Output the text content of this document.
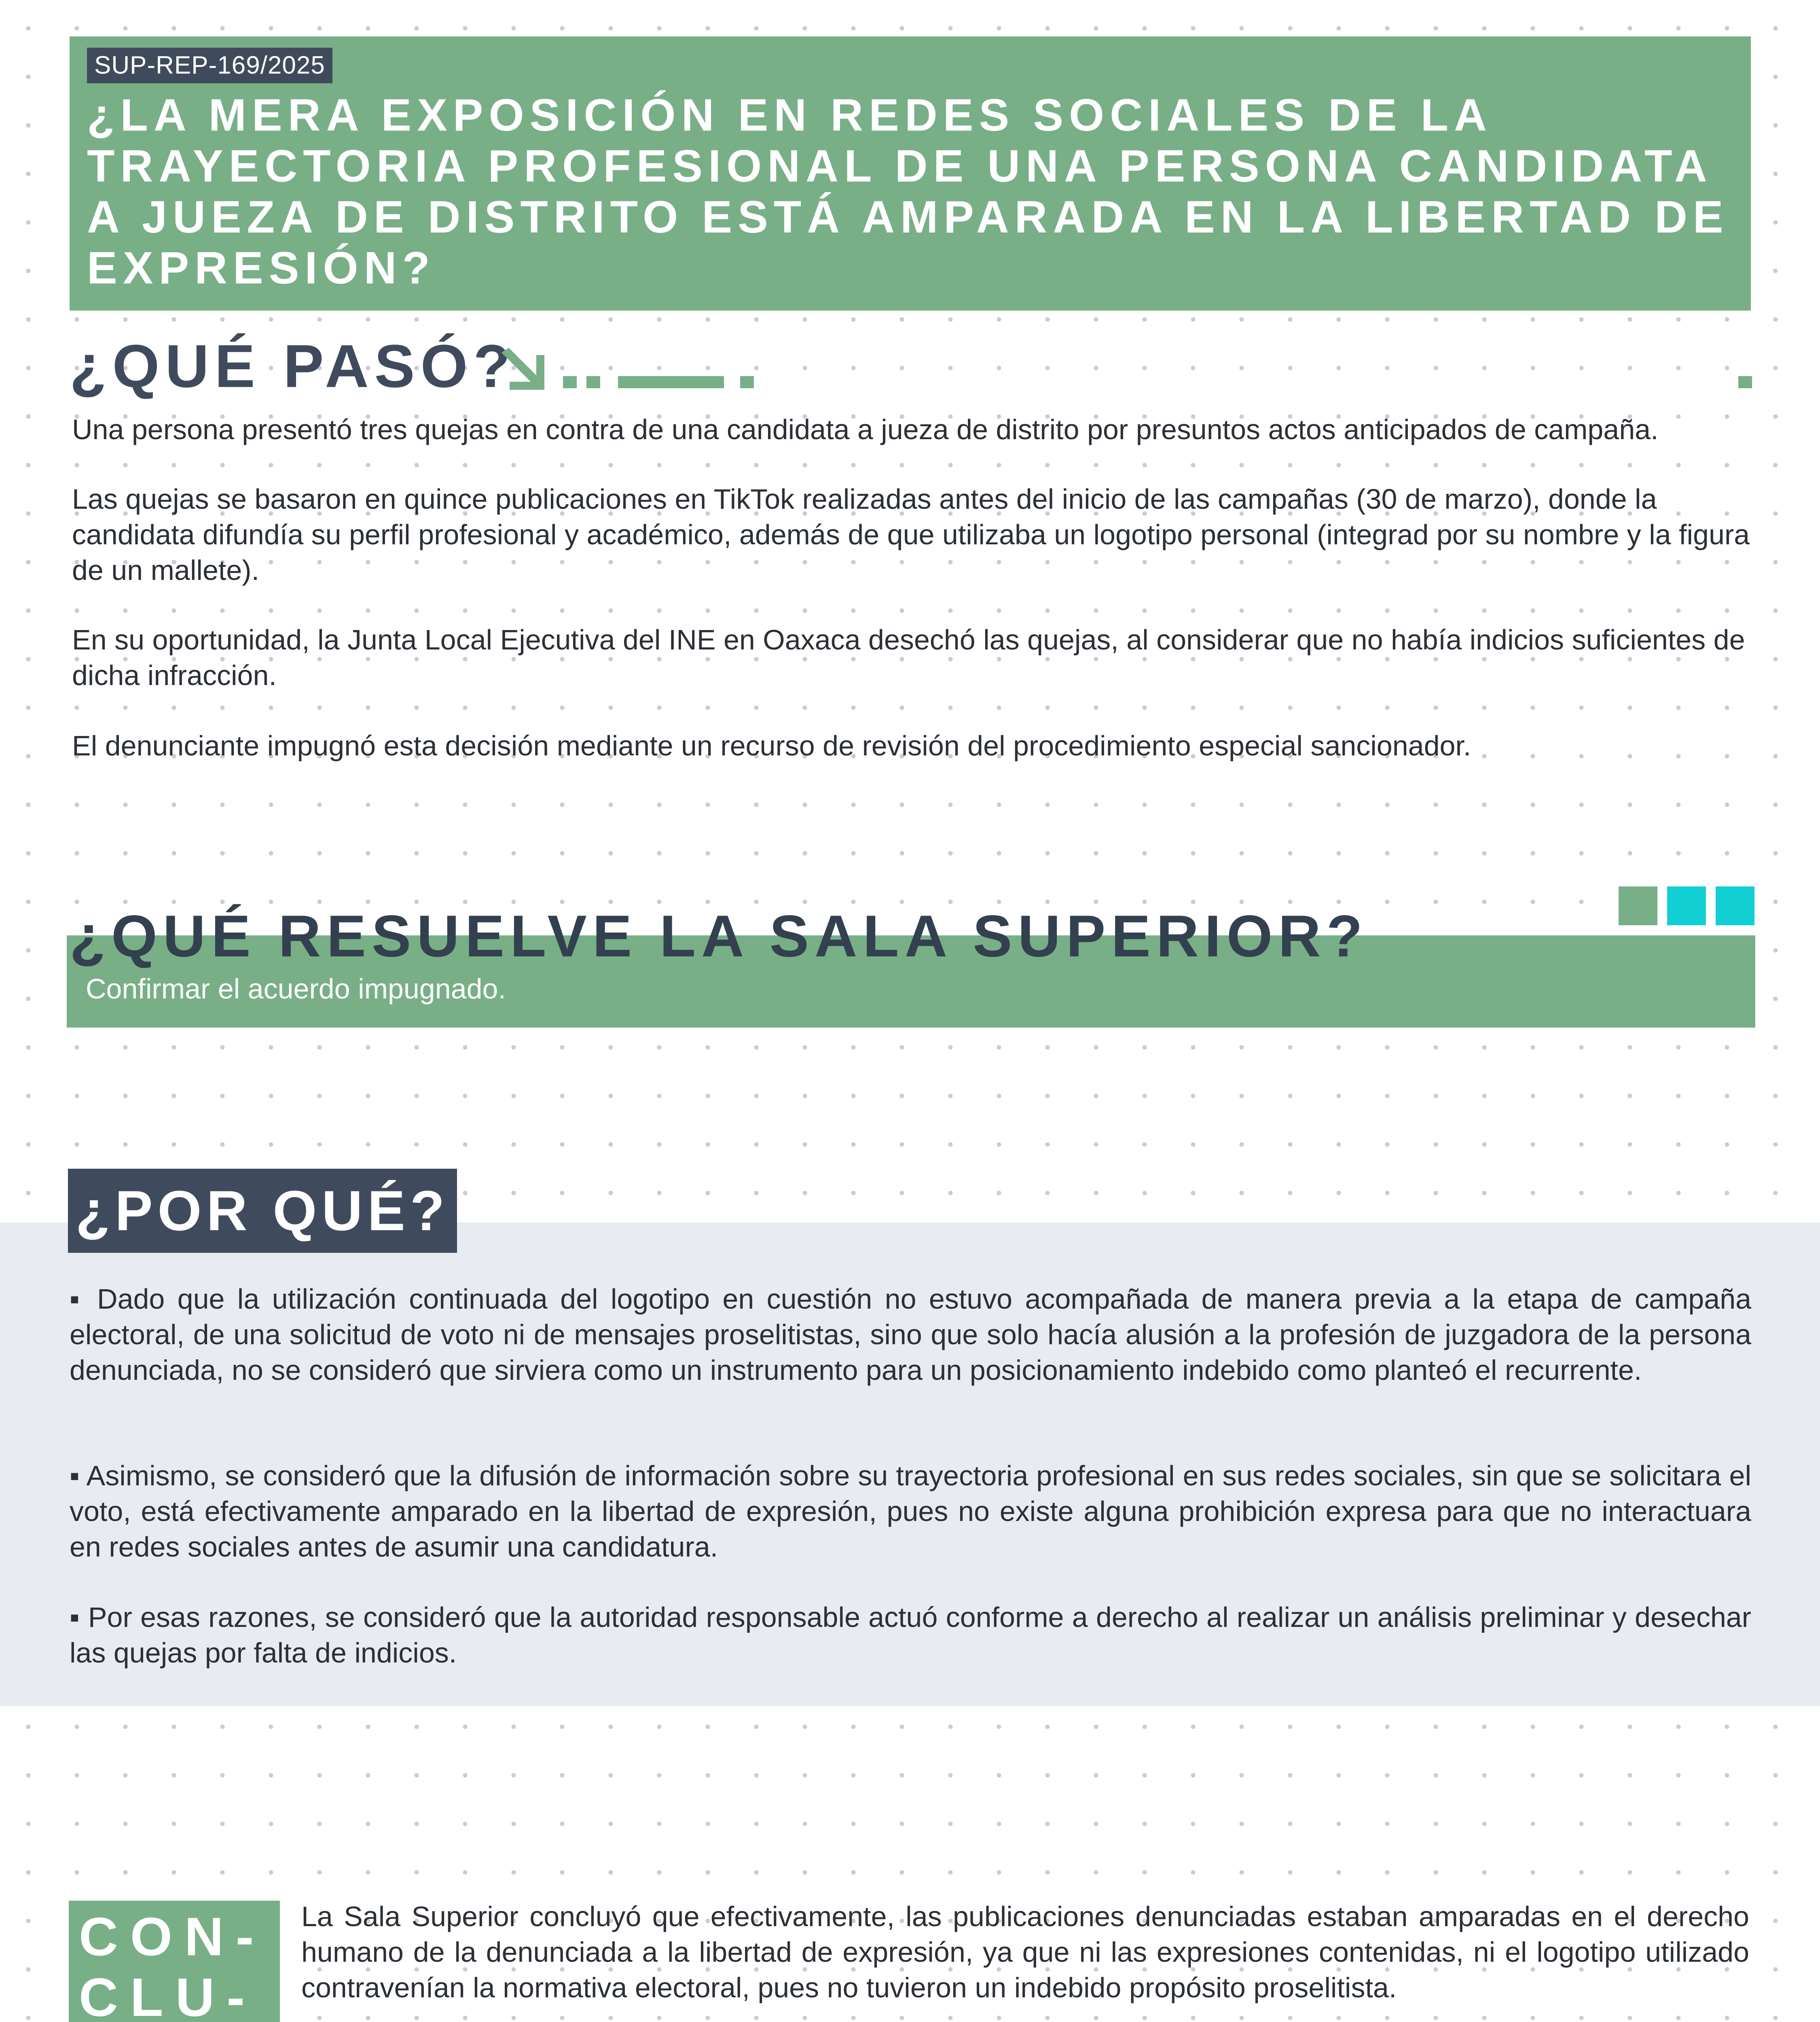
SUP-REP-169/2025
¿LA MERA EXPOSICIÓN EN REDES SOCIALES DE LA TRAYECTORIA PROFESIONAL DE UNA PERSONA CANDIDATA A JUEZA DE DISTRITO ESTÁ AMPARADA EN LA LIBERTAD DE EXPRESIÓN?
¿QUÉ PASÓ?

Una persona presentó tres quejas en contra de una candidata a jueza de distrito por presuntos actos anticipados de campaña.

Las quejas se basaron en quince publicaciones en TikTok realizadas antes del inicio de las campañas (30 de marzo), donde la candidata difundía su perfil profesional y académico, además de que utilizaba un logotipo personal (integrad por su nombre y la figura de un mallete).

En su oportunidad, la Junta Local Ejecutiva del INE en Oaxaca desechó las quejas, al considerar que no había indicios suficientes de dicha infracción.

El denunciante impugnó esta decisión mediante un recurso de revisión del procedimiento especial sancionador.

¿QUÉ RESUELVE LA SALA SUPERIOR?

Confirmar el acuerdo impugnado.

¿POR QUÉ?

▪ Dado que la utilización continuada del logotipo en cuestión no estuvo acompañada de manera previa a la etapa de campaña electoral, de una solicitud de voto ni de mensajes proselitistas, sino que solo hacía alusión a la profesión de juzgadora de la persona denunciada, no se consideró que sirviera como un instrumento para un posicionamiento indebido como planteó el recurrente.

▪ Asimismo, se consideró que la difusión de información sobre su trayectoria profesional en sus redes sociales, sin que se solicitara el voto, está efectivamente amparado en la libertad de expresión, pues no existe alguna prohibición expresa para que no interactuara en redes sociales antes de asumir una candidatura.

▪ Por esas razones, se consideró que la autoridad responsable actuó conforme a derecho al realizar un análisis preliminar y desechar las quejas por falta de indicios.

CON-

CLU-

La Sala Superior concluyó que efectivamente, las publicaciones denunciadas estaban amparadas en el derecho humano de la denunciada a la libertad de expresión, ya que ni las expresiones contenidas, ni el logotipo utilizado contravenían la normativa electoral, pues no tuvieron un indebido propósito proselitista.
